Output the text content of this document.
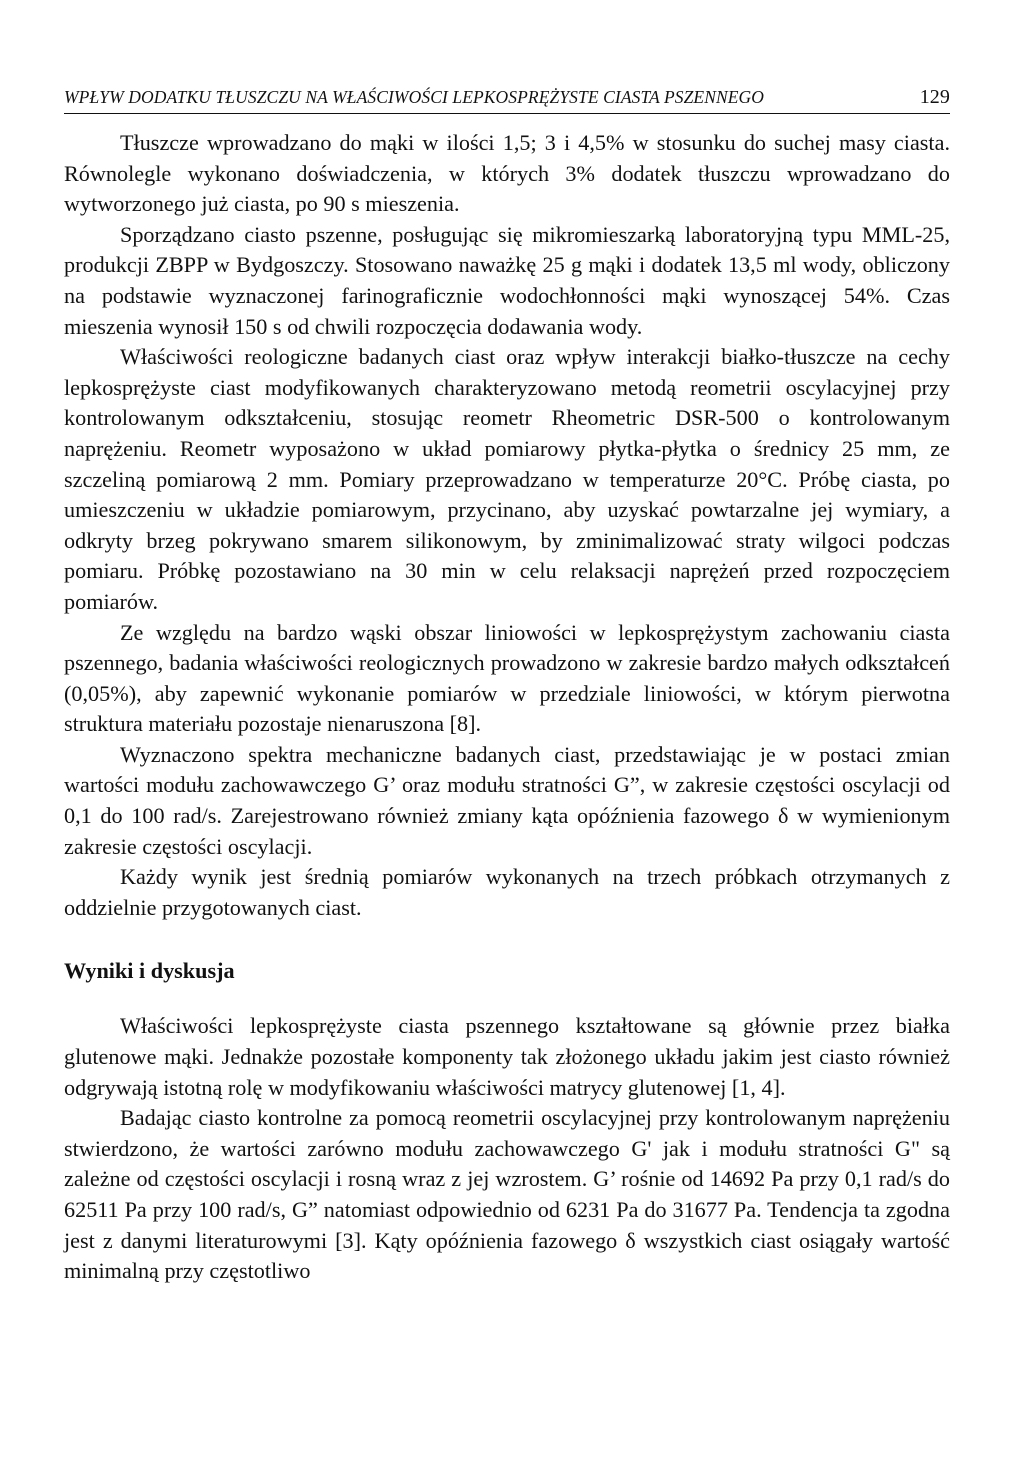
WPŁYW DODATKU TŁUSZCZU NA WŁAŚCIWOŚCI LEPKOSPRĘŻYSTE CIASTA PSZENNEGO	129

Tłuszcze wprowadzano do mąki w ilości 1,5; 3 i 4,5% w stosunku do suchej masy ciasta. Równolegle wykonano doświadczenia, w których 3% dodatek tłuszczu wprowadzano do wytworzonego już ciasta, po 90 s mieszenia.

Sporządzano ciasto pszenne, posługując się mikromieszarką laboratoryjną typu MML-25, produkcji ZBPP w Bydgoszczy. Stosowano naważkę 25 g mąki i dodatek 13,5 ml wody, obliczony na podstawie wyznaczonej farinograficznie wodochłonności mąki wynoszącej 54%. Czas mieszenia wynosił 150 s od chwili rozpoczęcia dodawania wody.

Właściwości reologiczne badanych ciast oraz wpływ interakcji białko-tłuszcze na cechy lepkosprężyste ciast modyfikowanych charakteryzowano metodą reometrii oscylacyjnej przy kontrolowanym odkształceniu, stosując reometr Rheometric DSR-500 o kontrolowanym naprężeniu. Reometr wyposażono w układ pomiarowy płytka-płytka o średnicy 25 mm, ze szczeliną pomiarową 2 mm. Pomiary przeprowadzano w temperaturze 20°C. Próbę ciasta, po umieszczeniu w układzie pomiarowym, przycinano, aby uzyskać powtarzalne jej wymiary, a odkryty brzeg pokrywano smarem silikonowym, by zminimalizować straty wilgoci podczas pomiaru. Próbkę pozostawiano na 30 min w celu relaksacji naprężeń przed rozpoczęciem pomiarów.

Ze względu na bardzo wąski obszar liniowości w lepkosprężystym zachowaniu ciasta pszennego, badania właściwości reologicznych prowadzono w zakresie bardzo małych odkształceń (0,05%), aby zapewnić wykonanie pomiarów w przedziale liniowości, w którym pierwotna struktura materiału pozostaje nienaruszona [8].

Wyznaczono spektra mechaniczne badanych ciast, przedstawiając je w postaci zmian wartości modułu zachowawczego G’ oraz modułu stratności G”, w zakresie częstości oscylacji od 0,1 do 100 rad/s. Zarejestrowano również zmiany kąta opóźnienia fazowego δ w wymienionym zakresie częstości oscylacji.

Każdy wynik jest średnią pomiarów wykonanych na trzech próbkach otrzymanych z oddzielnie przygotowanych ciast.

Wyniki i dyskusja

Właściwości lepkosprężyste ciasta pszennego kształtowane są głównie przez białka glutenowe mąki. Jednakże pozostałe komponenty tak złożonego układu jakim jest ciasto również odgrywają istotną rolę w modyfikowaniu właściwości matrycy glutenowej [1, 4].

Badając ciasto kontrolne za pomocą reometrii oscylacyjnej przy kontrolowanym naprężeniu stwierdzono, że wartości zarówno modułu zachowawczego G' jak i modułu stratności G" są zależne od częstości oscylacji i rosną wraz z jej wzrostem. G’ rośnie od 14692 Pa przy 0,1 rad/s do 62511 Pa przy 100 rad/s, G” natomiast odpowiednio od 6231 Pa do 31677 Pa. Tendencja ta zgodna jest z danymi literaturowymi [3]. Kąty opóźnienia fazowego δ wszystkich ciast osiągały wartość minimalną przy częstotliwo
